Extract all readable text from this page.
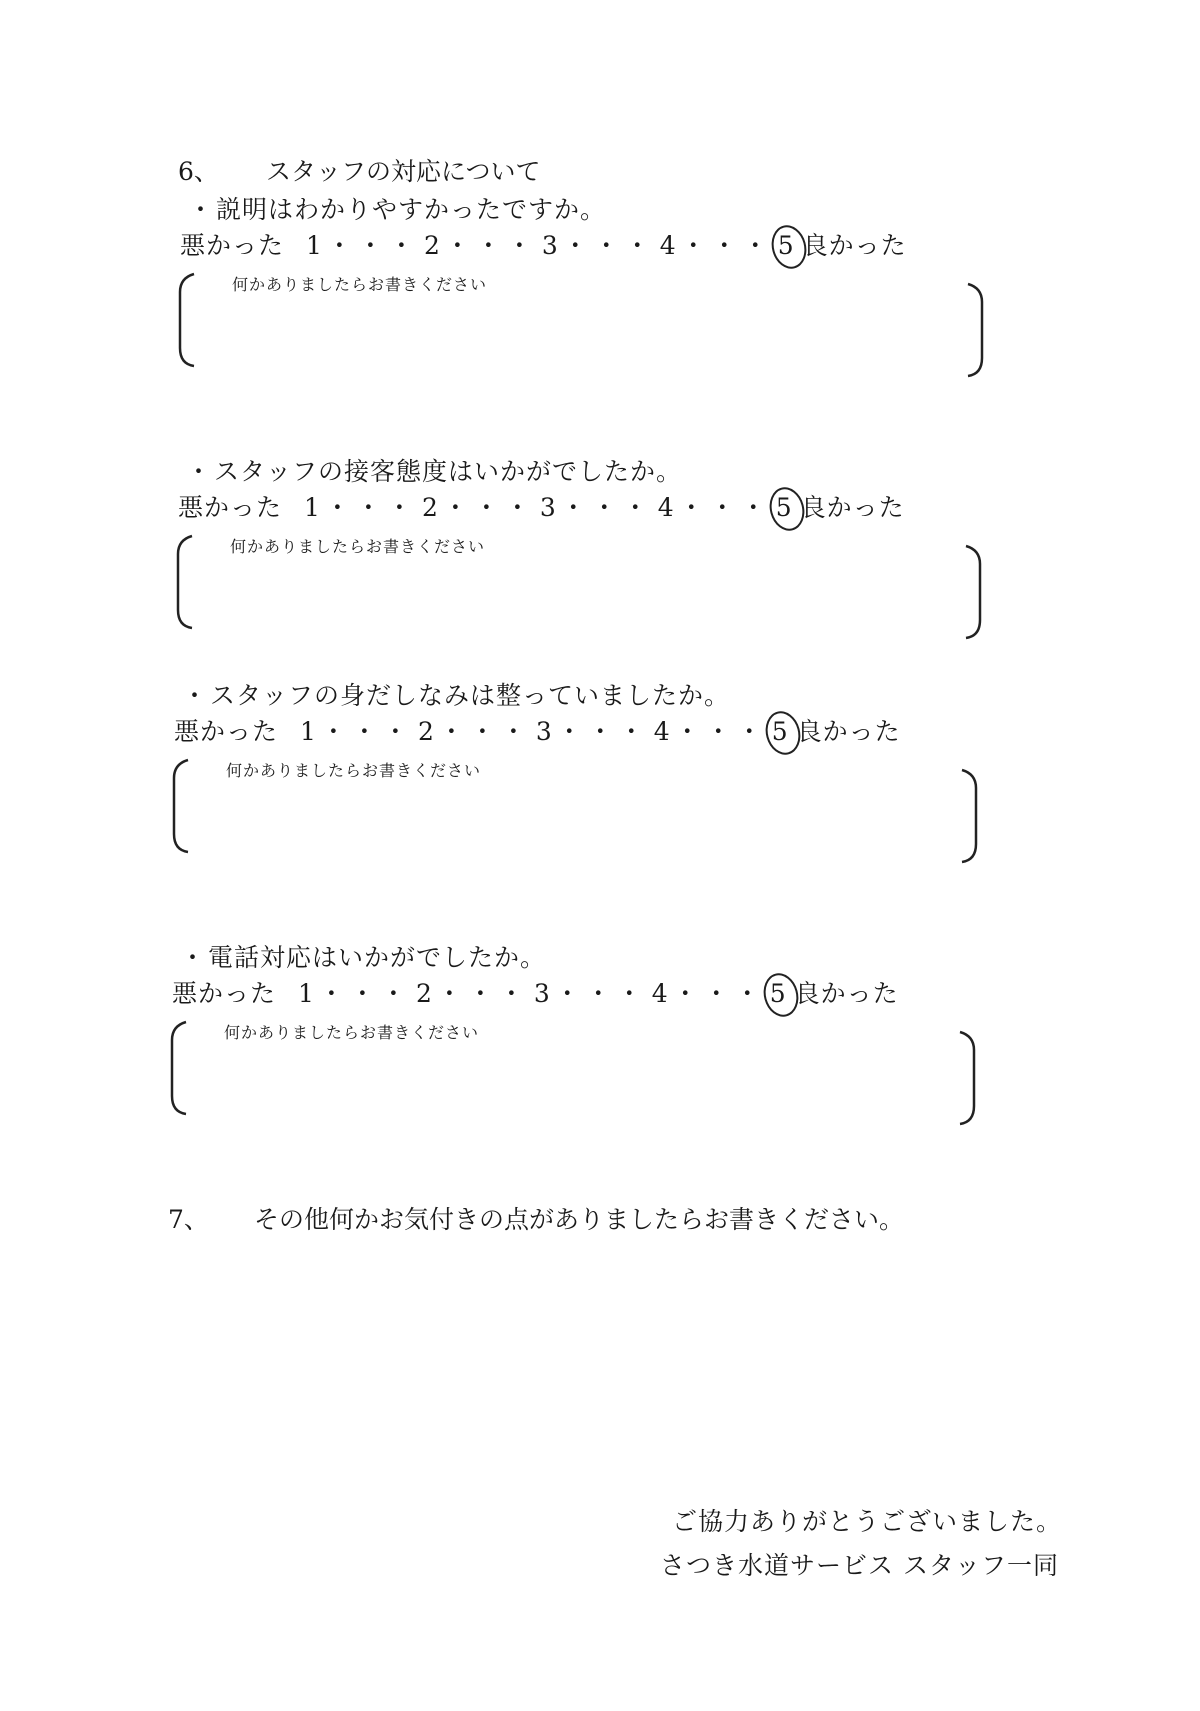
6、 スタッフの対応について
・ 説明はわかりやすかったですか。
悪かった 1 ・・・ 2 ・・・ 3 ・・・ 4 ・・・ 5 良かった
何かありましたらお書きください
・ スタッフの接客態度はいかがでしたか。
悪かった 1 ・・・ 2 ・・・ 3 ・・・ 4 ・・・ 5 良かった
何かありましたらお書きください
・ スタッフの身だしなみは整っていましたか。
悪かった 1 ・・・ 2 ・・・ 3 ・・・ 4 ・・・ 5 良かった
何かありましたらお書きください
・ 電話対応はいかがでしたか。
悪かった 1 ・・・ 2 ・・・ 3 ・・・ 4 ・・・ 5 良かった
何かありましたらお書きください
7、 その他何かお気付きの点がありましたらお書きください。
ご協力ありがとうございました。
さつき水道サービス スタッフ一同
